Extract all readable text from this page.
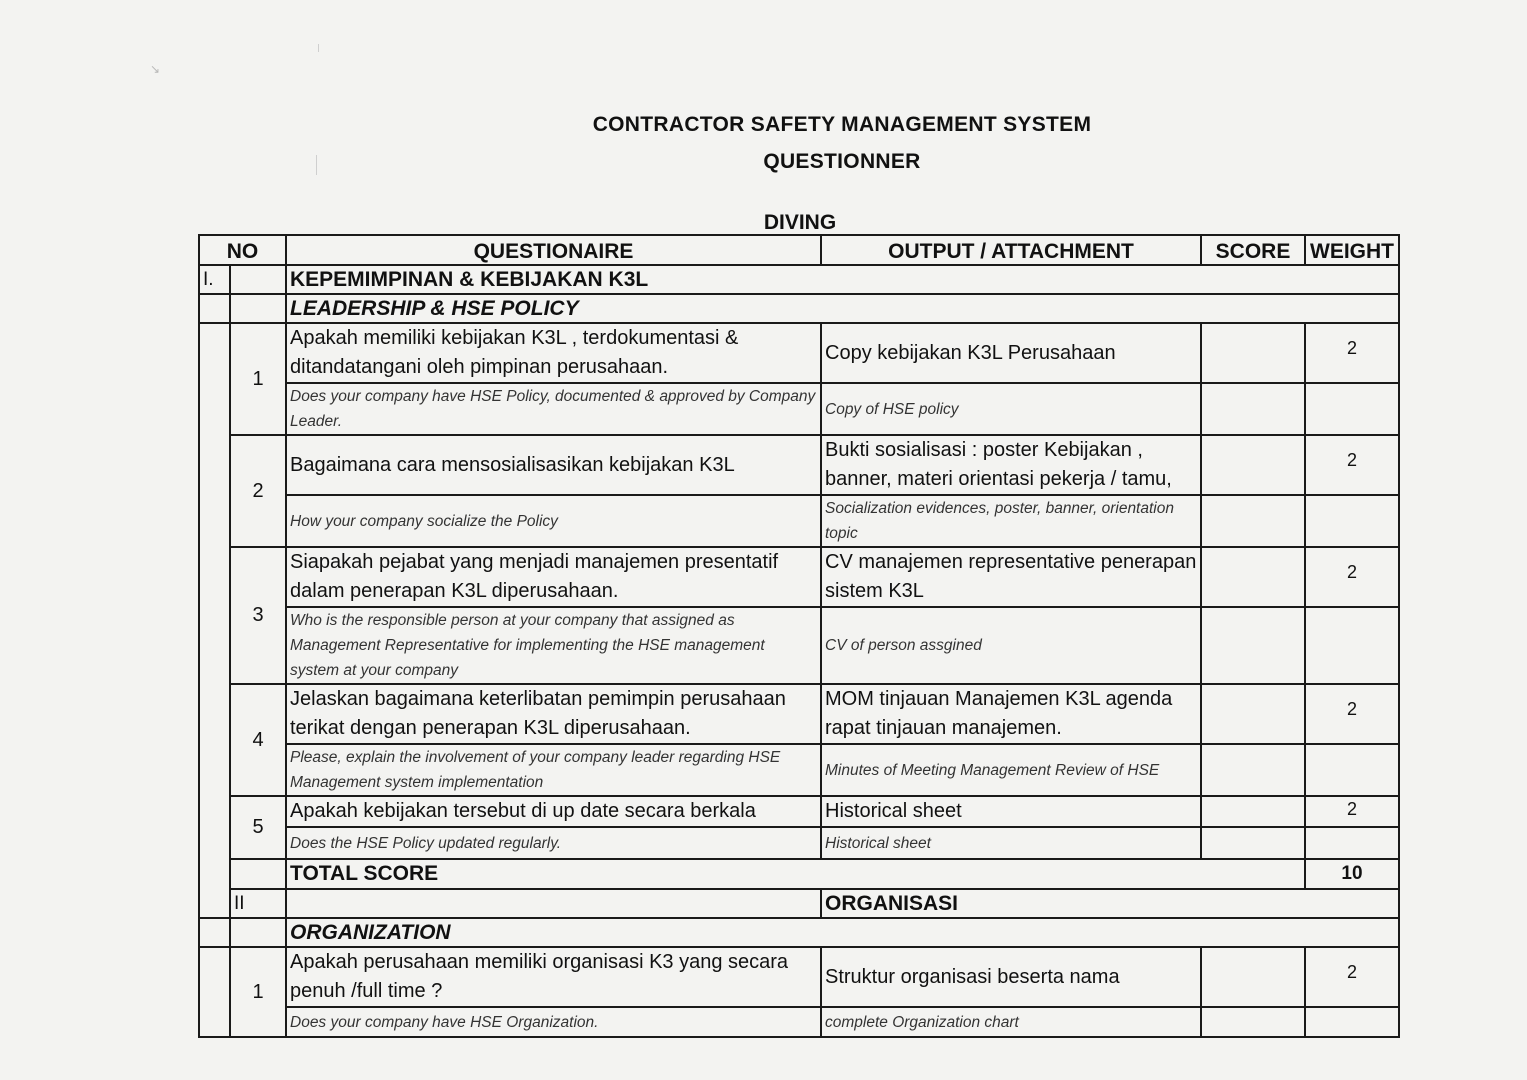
↘
CONTRACTOR SAFETY MANAGEMENT SYSTEM
QUESTIONNER
DIVING
NO		QUESTIONAIRE	OUTPUT / ATTACHMENT	SCORE	WEIGHT
I.		KEPEMIMPINAN & KEBIJAKAN K3L			
		LEADERSHIP & HSE POLICY			
	1	Apakah memiliki kebijakan K3L , terdokumentasi & ditandatangani oleh pimpinan perusahaan.	Copy kebijakan K3L Perusahaan		2
		Does your company have HSE Policy, documented & approved by Company Leader.	Copy of HSE policy		
	2	Bagaimana cara mensosialisasikan kebijakan K3L	Bukti sosialisasi : poster Kebijakan , banner, materi orientasi pekerja / tamu,		2
		How your company socialize the Policy	Socialization evidences, poster, banner, orientation topic		
	3	Siapakah pejabat yang menjadi manajemen presentatif dalam penerapan K3L diperusahaan.	CV manajemen representative penerapan sistem K3L		2
		Who is the responsible person at your company that assigned as Management Representative for implementing the HSE management system at your company	CV of person assgined		
	4	Jelaskan bagaimana keterlibatan pemimpin perusahaan terikat dengan penerapan K3L diperusahaan.	MOM tinjauan Manajemen K3L agenda rapat tinjauan manajemen.		2
		Please, explain the involvement of your company leader regarding HSE Management system implementation	Minutes of Meeting Management Review of HSE		
	5	Apakah kebijakan tersebut di up date secara berkala	Historical sheet		2
		Does the HSE Policy updated regularly.	Historical sheet		
		TOTAL SCORE			10
	II		ORGANISASI		
		ORGANIZATION			
	1	Apakah perusahaan memiliki organisasi K3 yang secara penuh /full time ?	Struktur organisasi beserta nama		2
		Does your company have HSE Organization.	complete Organization chart		
